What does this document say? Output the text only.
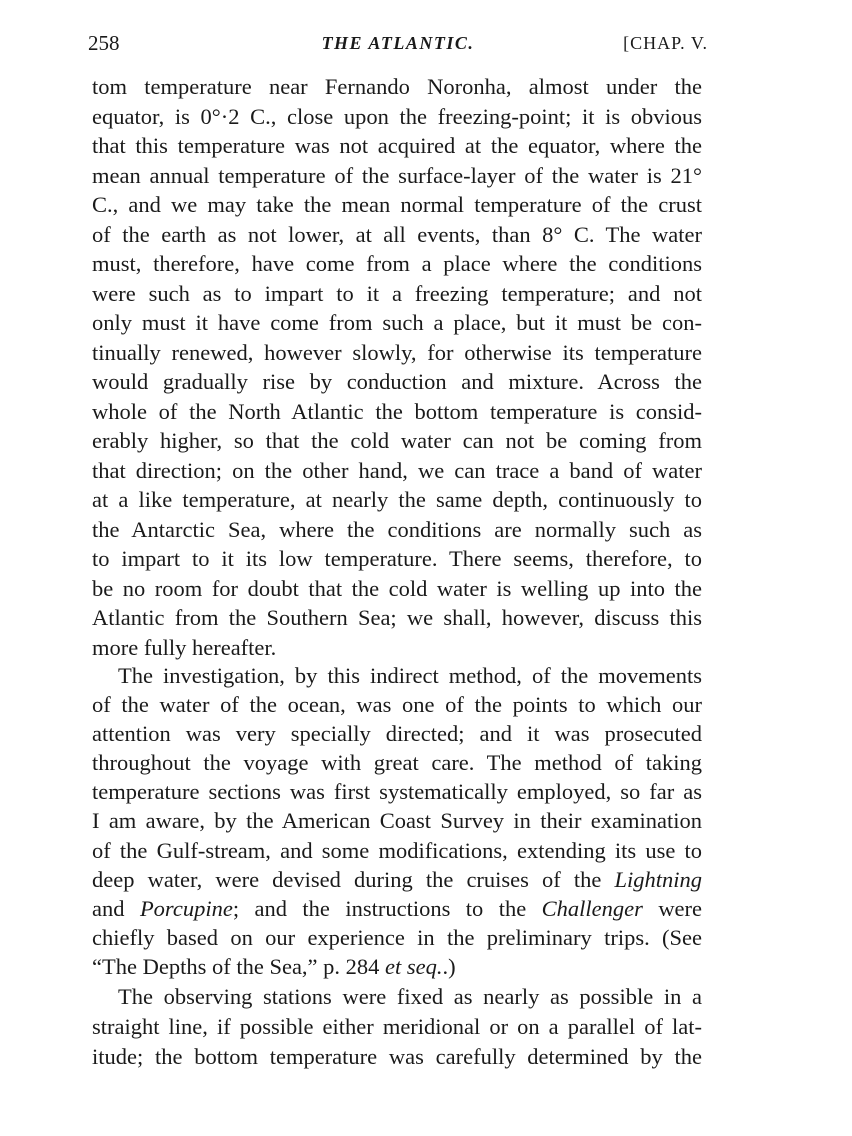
258	THE ATLANTIC.	[CHAP. V.
tom temperature near Fernando Noronha, almost under the
equator, is 0°·2 C., close upon the freezing-point; it is obvious
that this temperature was not acquired at the equator, where the
mean annual temperature of the surface-layer of the water is 21°
C., and we may take the mean normal temperature of the crust
of the earth as not lower, at all events, than 8° C. The water
must, therefore, have come from a place where the conditions
were such as to impart to it a freezing temperature; and not
only must it have come from such a place, but it must be con-
tinually renewed, however slowly, for otherwise its temperature
would gradually rise by conduction and mixture. Across the
whole of the North Atlantic the bottom temperature is consid-
erably higher, so that the cold water can not be coming from
that direction; on the other hand, we can trace a band of water
at a like temperature, at nearly the same depth, continuously to
the Antarctic Sea, where the conditions are normally such as
to impart to it its low temperature. There seems, therefore, to
be no room for doubt that the cold water is welling up into the
Atlantic from the Southern Sea; we shall, however, discuss this
more fully hereafter.
The investigation, by this indirect method, of the movements
of the water of the ocean, was one of the points to which our
attention was very specially directed; and it was prosecuted
throughout the voyage with great care. The method of taking
temperature sections was first systematically employed, so far as
I am aware, by the American Coast Survey in their examination
of the Gulf-stream, and some modifications, extending its use to
deep water, were devised during the cruises of the Lightning
and Porcupine; and the instructions to the Challenger were
chiefly based on our experience in the preliminary trips. (See
“The Depths of the Sea,” p. 284 et seq..)
The observing stations were fixed as nearly as possible in a
straight line, if possible either meridional or on a parallel of lat-
itude; the bottom temperature was carefully determined by the
